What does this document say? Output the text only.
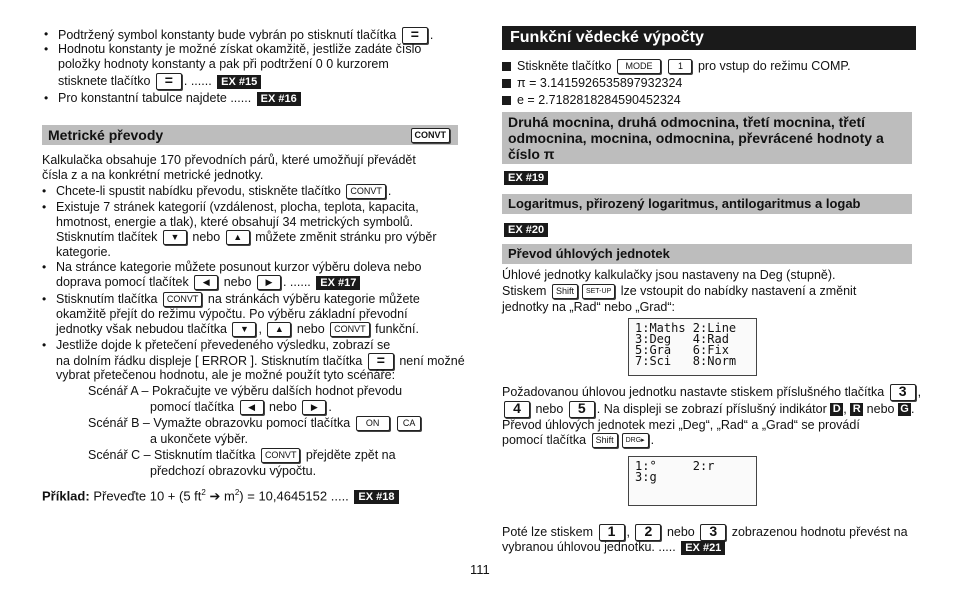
• Podtržený symbol konstanty bude vybrán po stisknutí tlačítka = .
• Hodnotu konstanty je možné získat okamžitě, jestliže zadáte číslo
položky hodnoty konstanty a pak při podtržení 0 0 kurzorem
stisknete tlačítko = . ...... EX #15
• Pro konstantní tabulce najdete ...... EX #16
Metrické převody	CONVT
Kalkulačka obsahuje 170 převodních párů, které umožňují převádět
čísla z a na konkrétní metrické jednotky.
• Chcete-li spustit nabídku převodu, stiskněte tlačítko CONVT .
• Existuje 7 stránek kategorií (vzdálenost, plocha, teplota, kapacita,
hmotnost, energie a tlak), které obsahují 34 metrických symbolů.
Stisknutím tlačítek ▼ nebo ▲ můžete změnit stránku pro výběr
kategorie.
• Na stránce kategorie můžete posunout kurzor výběru doleva nebo
doprava pomocí tlačítek ◀ nebo ▶ . ...... EX #17
• Stisknutím tlačítka CONVT na stránkách výběru kategorie můžete
okamžitě přejít do režimu výpočtu. Po výběru základní převodní
jednotky však nebudou tlačítka ▼ , ▲ nebo CONVT funkční.
• Jestliže dojde k přetečení převedeného výsledku, zobrazí se
na dolním řádku displeje [ ERROR ]. Stisknutím tlačítka = není možné
vybrat přetečenou hodnotu, ale je možné použít tyto scénáře:
Scénář A – Pokračujte ve výběru dalších hodnot převodu
pomocí tlačítka ◀ nebo ▶ .
Scénář B – Vymažte obrazovku pomocí tlačítka ON	CA
a ukončete výběr.
Scénář C – Stisknutím tlačítka CONVT přejděte zpět na
předchozí obrazovku výpočtu.
Příklad: Převeďte 10 + (5 $ft^2$ ➔ $m^2) = 10,4645152$ ..... EX #18
Funkční vědecké výpočty
Stiskněte tlačítko MODE	1 pro vstup do režimu COMP.
π = 3.1415926535897932324
e = 2.7182818284590452324
Druhá mocnina, druhá odmocnina, třetí mocnina, třetí odmocnina, mocnina, odmocnina, převrácené hodnoty a číslo π
EX #19
Logaritmus, přirozený logaritmus, antilogaritmus a logab
EX #20
Převod úhlových jednotek
Úhlové jednotky kalkulačky jsou nastaveny na Deg (stupně).
Stiskem Shift SET-UP lze vstoupit do nabídky nastavení a změnit
jednotky na „Rad“ nebo „Grad“:
1:Maths 2:Line
3:Deg   4:Rad
5:Gra   6:Fix
7:Sci   8:Norm
Požadovanou úhlovou jednotku nastavte stiskem příslušného tlačítka 3 ,
4 nebo 5 . Na displeji se zobrazí příslušný indikátor D , R nebo G .
Převod úhlových jednotek mezi „Deg“, „Rad“ a „Grad“ se provádí
pomocí tlačítka Shift DRG▸ .
1:°     2:r
3:g
Poté lze stiskem 1 , 2 nebo 3 zobrazenou hodnotu převést na
vybranou úhlovou jednotku. ..... EX #21
111
